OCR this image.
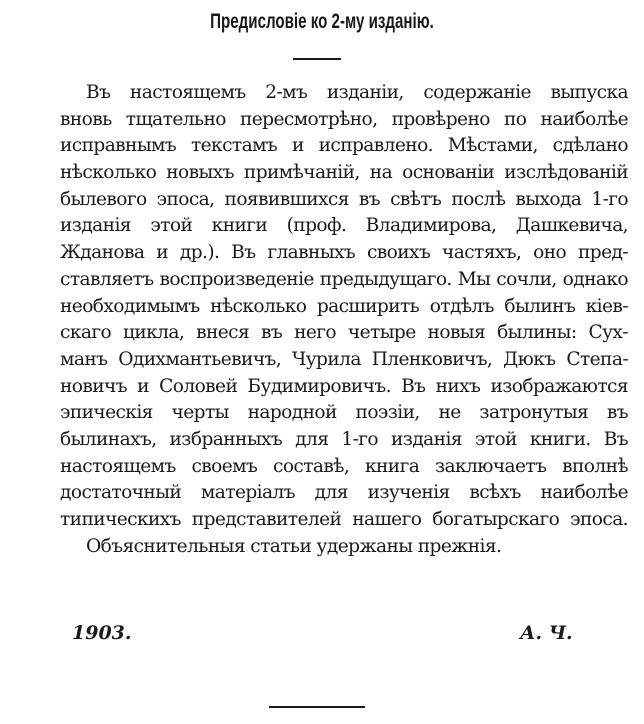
Предисловіе ко 2-му изданію.
Въ настоящемъ 2-мъ изданіи, содержаніе выпуска
вновь тщательно пересмотрѣно, провѣрено по наиболѣе
исправнымъ текстамъ и исправлено. Мѣстами, сдѣлано
нѣсколько новыхъ примѣчаній, на основаніи изслѣдованій
былевого эпоса, появившихся въ свѣтъ послѣ выхода 1-го
изданія этой книги (проф. Владимирова, Дашкевича,
Жданова и др.). Въ главныхъ своихъ частяхъ, оно пред-
ставляетъ воспроизведеніе предыдущаго. Мы сочли, однако
необходимымъ нѣсколько расширить отдѣлъ былинъ кіев-
скаго цикла, внеся въ него четыре новыя былины: Сух-
манъ Одихмантьевичъ, Чурила Пленковичъ, Дюкъ Степа-
новичъ и Соловей Будимировичъ. Въ нихъ изображаются
эпическія черты народной поэзіи, не затронутыя въ
былинахъ, избранныхъ для 1-го изданія этой книги. Въ
настоящемъ своемъ составѣ, книга заключаетъ вполнѣ
достаточный матеріалъ для изученія всѣхъ наиболѣе
типическихъ представителей нашего богатырскаго эпоса.
Объяснительныя статьи удержаны прежнія.
1903.	А. Ч.
